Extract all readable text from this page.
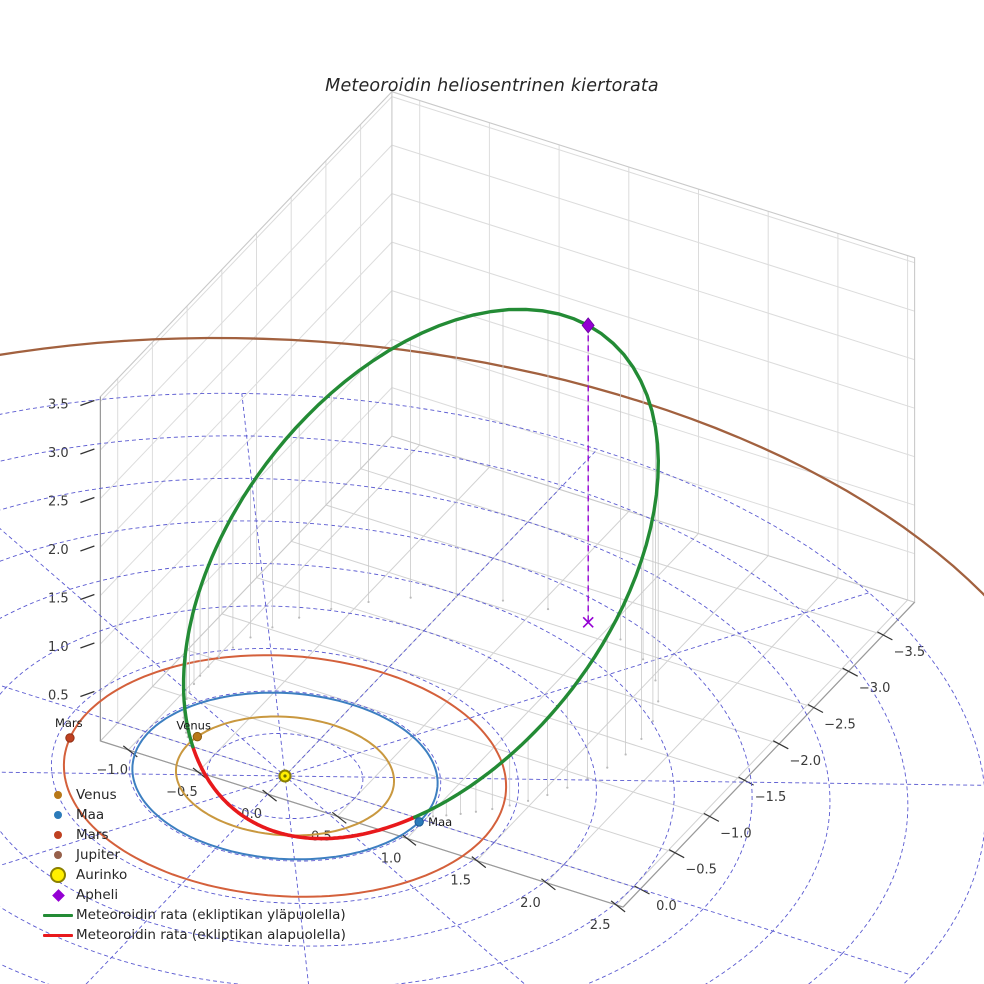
−1.0
−0.5
0.0
0.5
1.0
1.5
2.0
2.5
0.0
−0.5
−1.0
−1.5
−2.0
−2.5
−3.0
−3.5
0.5
1.0
1.5
2.0
2.5
3.0
3.5
Venus
Maa
Mars
Meteoroidin heliosentrinen kiertorata
Venus
Maa
Mars
Jupiter
Aurinko
Apheli
Meteoroidin rata (ekliptikan yläpuolella)
Meteoroidin rata (ekliptikan alapuolella)
